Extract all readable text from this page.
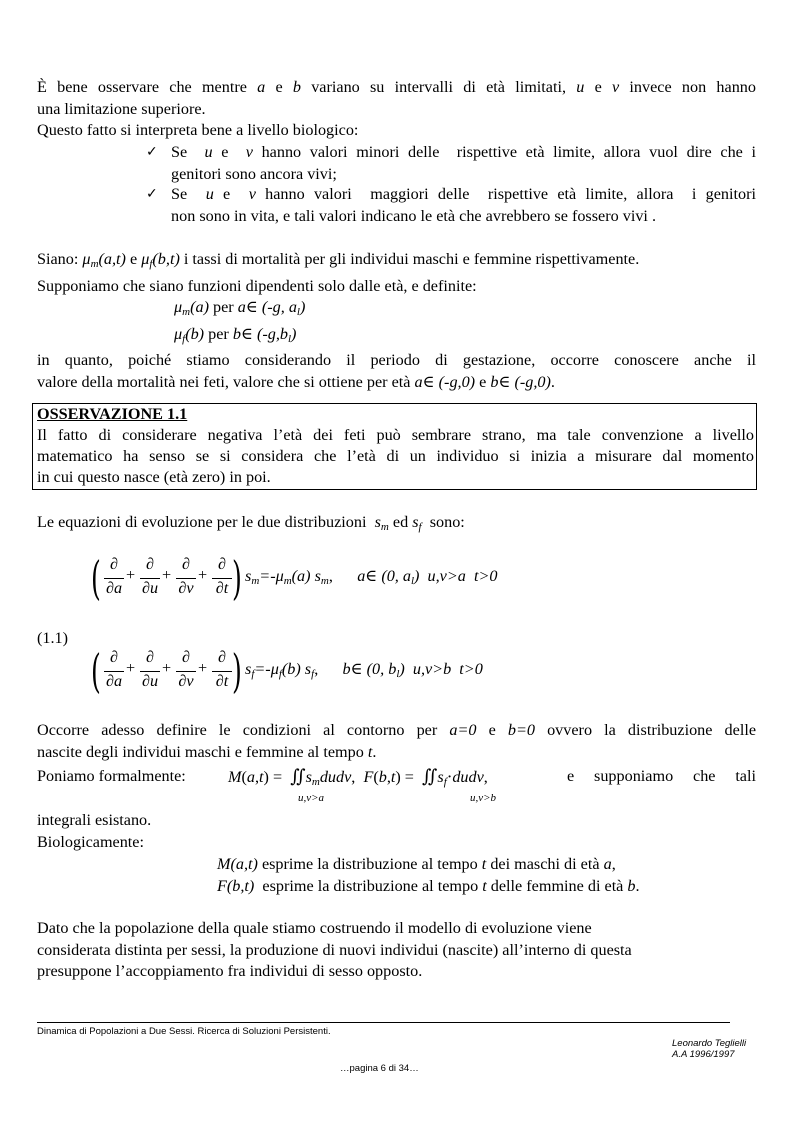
È bene osservare che mentre a e b variano su intervalli di età limitati, u e v invece non hanno
una limitazione superiore.
Questo fatto si interpreta bene a livello biologico:
✓ Se  u e  v hanno valori minori delle  rispettive età limite, allora vuol dire che i
genitori sono ancora vivi;
✓ Se  u e  v hanno valori  maggiori delle  rispettive età limite, allora  i genitori
non sono in vita, e tali valori indicano le età che avrebbero se fossero vivi .
Siano: $\mu_m(a,t)$ e $\mu_f(b,t)$ i tassi di mortalità per gli individui maschi e femmine rispettivamente.
Supponiamo che siano funzioni dipendenti solo dalle età, e definite:
$\mu_m(a)$ per a∈ (-g, $a_l$)
$\mu_f(b)$ per b∈ $(-g,b_l)$
in quanto, poiché stiamo considerando il periodo di gestazione, occorre conoscere anche il
valore della mortalità nei feti, valore che si ottiene per età a∈ (-g,0) e b∈ (-g,0).
OSSERVAZIONE 1.1
Il fatto di considerare negativa l’età dei feti può sembrare strano, ma tale convenzione a livello
matematico ha senso se si considera che l’età di un individuo si inizia a misurare dal momento
in cui questo nasce (età zero) in poi.
Le equazioni di evoluzione per le due distribuzioni $s_m$ ed $s_f$  sono:
( ∂
∂a
+
∂
∂u
+
∂
∂v
+
∂
∂t ) $s_m=-\mu_m(a)$ $s_m$,      a∈ (0, $a_l$)  u,v>a  t>0
(1.1)
( ∂
∂a
+
∂
∂u
+
∂
∂v
+
∂
∂t ) $s_f=-\mu_f(b)$ $s_f$,      b∈ (0, $b_l$)  u,v>b  t>0
Occorre adesso definire le condizioni al contorno per a=0 e b=0 ovvero la distribuzione delle
nascite degli individui maschi e femmine al tempo t.
Poniamo formalmente:	M(a,t) =  ∬ $s_mdudv$,  F(b,t) =  ∬ $s_f\cdot dudv$,	e supponiamo che tali
u,v>a	u,v>b
integrali esistano.
Biologicamente:
M(a,t) esprime la distribuzione al tempo t dei maschi di età a,
F(b,t)  esprime la distribuzione al tempo t delle femmine di età b.
Dato che la popolazione della quale stiamo costruendo il modello di evoluzione viene
considerata distinta per sessi, la produzione di nuovi individui (nascite) all’interno di questa
presuppone l’accoppiamento fra individui di sesso opposto.
Dinamica di Popolazioni a Due Sessi. Ricerca di Soluzioni Persistenti.
Leonardo Teglielli
A.A 1996/1997
…pagina 6 di 34…
